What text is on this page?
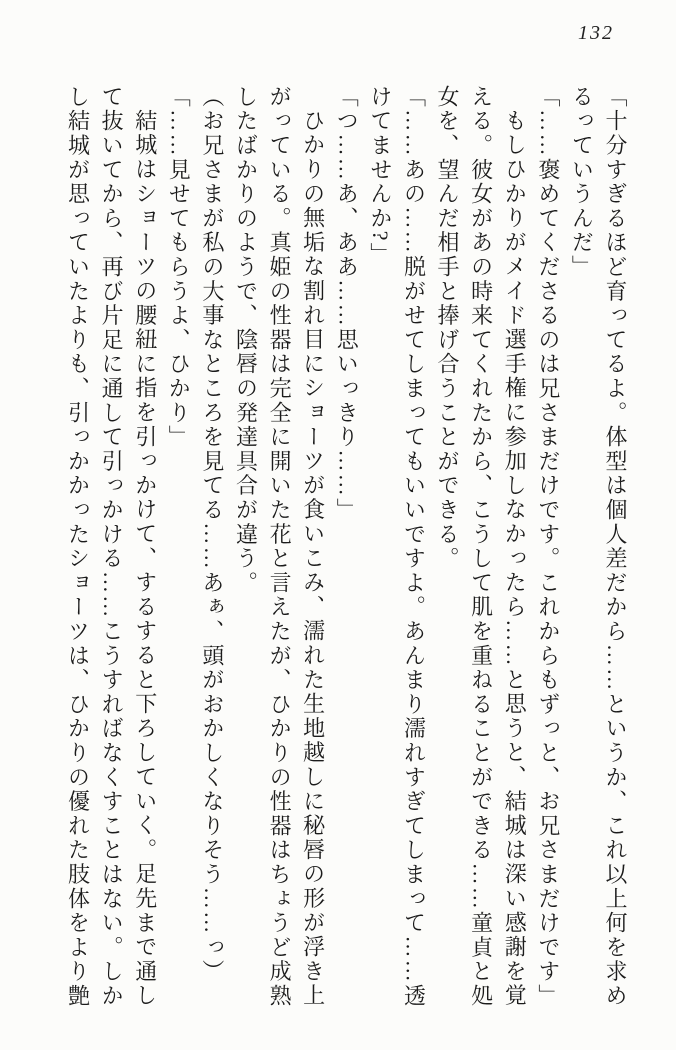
132
「十分すぎるほど育ってるよ。体型は個人差だから……というか、これ以上何を求め
るっていうんだ」
「……褒めてくださるのは兄さまだけです。これからもずっと、お兄さまだけです」
もしひかりがメイド選手権に参加しなかったら……と思うと、結城は深い感謝を覚
える。彼女があの時来てくれたから、こうして肌を重ねることができる……童貞と処
女を、望んだ相手と捧げ合うことができる。
「……あの……脱がせてしまってもいいですよ。あんまり濡れすぎてしまって……透
けてませんか?」
「つ……あ、ああ……思いっきり……」
ひかりの無垢な割れ目にショーツが食いこみ、濡れた生地越しに秘唇の形が浮き上
がっている。真姫の性器は完全に開いた花と言えたが、ひかりの性器はちょうど成熟
したばかりのようで、陰唇の発達具合が違う。
（お兄さまが私の大事なところを見てる……あぁ、頭がおかしくなりそう……っ）
「……見せてもらうよ、ひかり」
結城はショーツの腰紐に指を引っかけて、するすると下ろしていく。足先まで通し
て抜いてから、再び片足に通して引っかける……こうすればなくすことはない。しか
し結城が思っていたよりも、引っかかったショーツは、ひかりの優れた肢体をより艶
